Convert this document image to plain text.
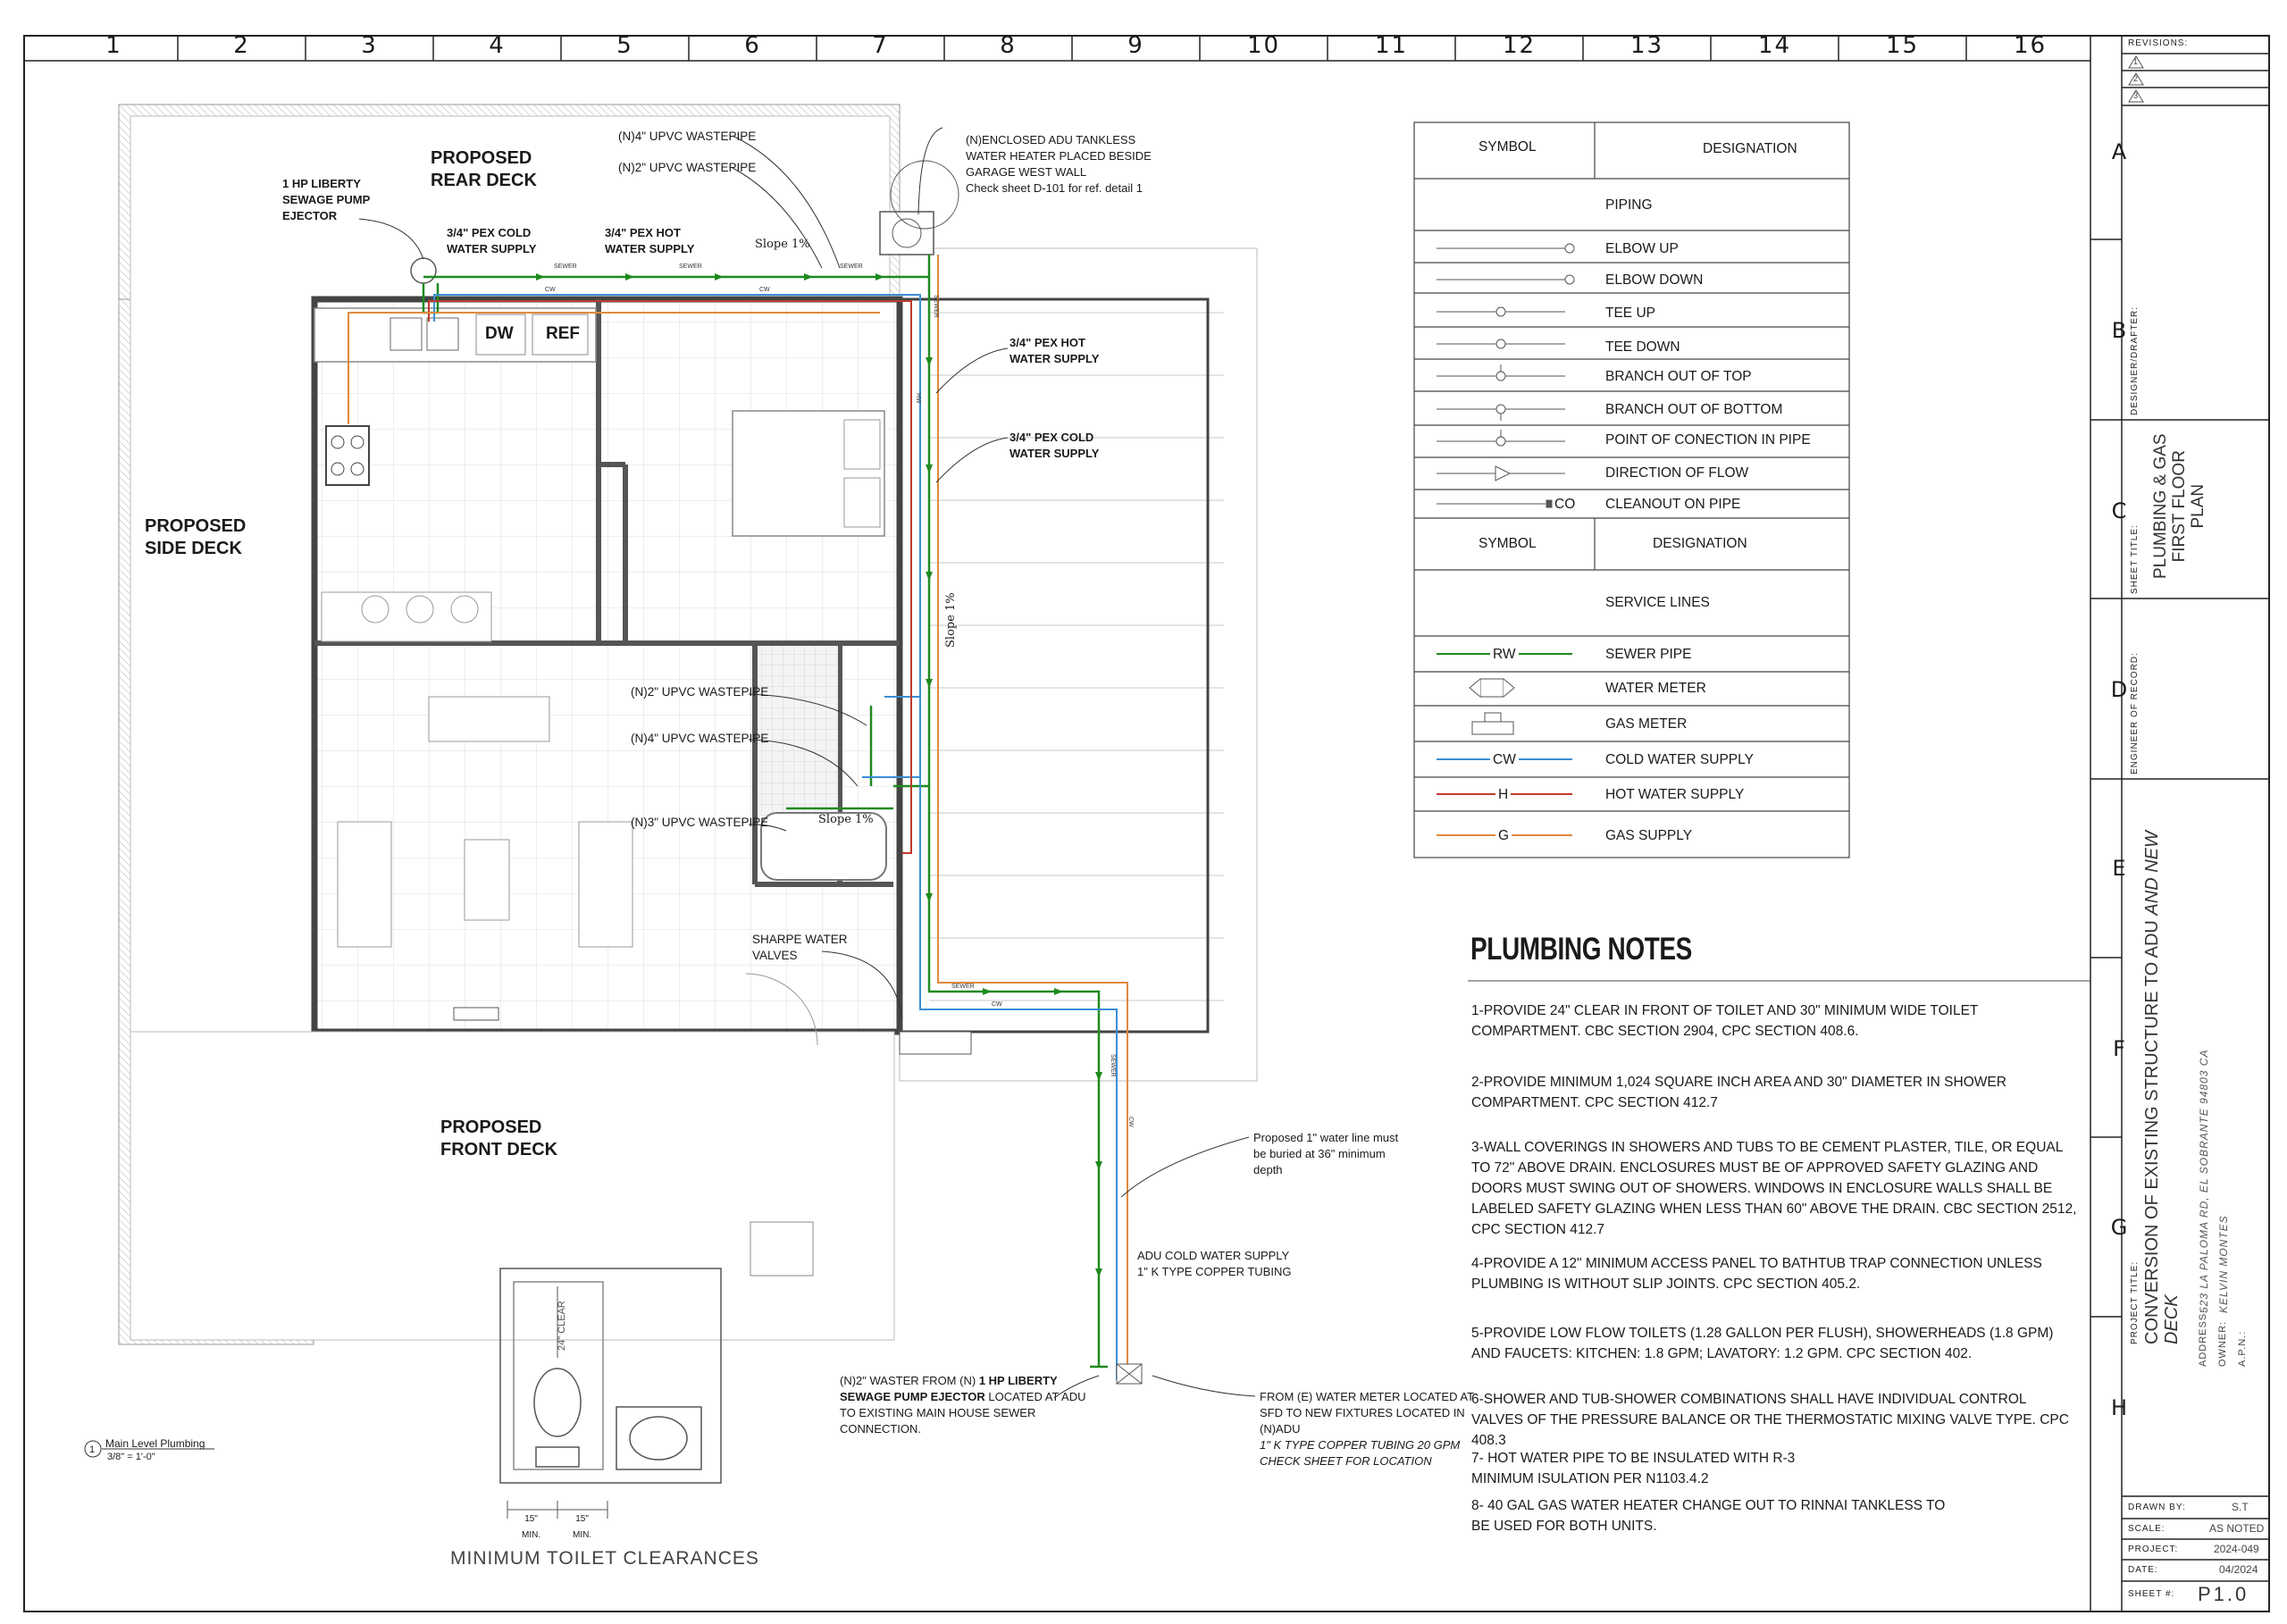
SEWER	SEWER	SEWER
CW	CW
SEWER
CW
SEWER
CW
SEWER
HW
1	2	3	4	5	6	7	8	9	10	11	12	13	14	15	16
A
B
C
D
E
F
G
H
PROPOSED
REAR DECK
PROPOSED
SIDE DECK
PROPOSED
FRONT DECK
DW REF
1 HP LIBERTY
SEWAGE PUMP
EJECTOR
3/4" PEX COLD
WATER SUPPLY
3/4" PEX HOT
WATER SUPPLY
(N)4" UPVC WASTEPIPE
(N)2" UPVC WASTEPIPE
Slope 1%
(N)ENCLOSED ADU TANKLESS
WATER HEATER PLACED BESIDE
GARAGE WEST WALL
Check sheet D-101 for ref. detail 1
3/4" PEX HOT
WATER SUPPLY
3/4" PEX COLD
WATER SUPPLY
Slope 1%
(N)2" UPVC WASTEPIPE
(N)4" UPVC WASTEPIPE
(N)3" UPVC WASTEPIPE	Slope 1%
SHARPE WATER
VALVES
Proposed 1" water line must
be buried at 36" minimum
depth
ADU COLD WATER SUPPLY
1" K TYPE COPPER TUBING
(N)2" WASTER FROM (N) 1 HP LIBERTY
SEWAGE PUMP EJECTOR LOCATED AT ADU
TO EXISTING MAIN HOUSE SEWER
CONNECTION.
FROM (E) WATER METER LOCATED AT
SFD TO NEW FIXTURES LOCATED IN
(N)ADU
1" K TYPE COPPER TUBING 20 GPM
CHECK SHEET FOR LOCATION
1 Main Level Plumbing
3/8" = 1'-0"
24" CLEAR
15"
MIN.
15"
MIN.
MINIMUM TOILET CLEARANCES
SYMBOL	DESIGNATION
PIPING
ELBOW UP
ELBOW DOWN
TEE UP
TEE DOWN
BRANCH OUT OF TOP
BRANCH OUT OF BOTTOM
POINT OF CONECTION IN PIPE
DIRECTION OF FLOW
CO CLEANOUT ON PIPE
SYMBOL	DESIGNATION
SERVICE LINES
RW	SEWER PIPE
WATER METER
GAS METER
CW	COLD WATER SUPPLY
H	HOT WATER SUPPLY
G	GAS SUPPLY
PLUMBING NOTES
1-PROVIDE 24" CLEAR IN FRONT OF TOILET AND 30" MINIMUM WIDE TOILET COMPARTMENT. CBC SECTION 2904, CPC SECTION 408.6.
2-PROVIDE MINIMUM 1,024 SQUARE INCH AREA AND 30" DIAMETER IN SHOWER COMPARTMENT. CPC SECTION 412.7
3-WALL COVERINGS IN SHOWERS AND TUBS TO BE CEMENT PLASTER, TILE, OR EQUAL TO 72" ABOVE DRAIN. ENCLOSURES MUST BE OF APPROVED SAFETY GLAZING AND DOORS MUST SWING OUT OF SHOWERS. WINDOWS IN ENCLOSURE WALLS SHALL BE LABELED SAFETY GLAZING WHEN LESS THAN 60" ABOVE THE DRAIN. CBC SECTION 2512, CPC SECTION 412.7
4-PROVIDE A 12" MINIMUM ACCESS PANEL TO BATHTUB TRAP CONNECTION UNLESS PLUMBING IS WITHOUT SLIP JOINTS. CPC SECTION 405.2.
5-PROVIDE LOW FLOW TOILETS (1.28 GALLON PER FLUSH), SHOWERHEADS (1.8 GPM) AND FAUCETS: KITCHEN: 1.8 GPM; LAVATORY: 1.2 GPM. CPC SECTION 402.
6-SHOWER AND TUB-SHOWER COMBINATIONS SHALL HAVE INDIVIDUAL CONTROL VALVES OF THE PRESSURE BALANCE OR THE THERMOSTATIC MIXING VALVE TYPE. CPC 408.3
7- HOT WATER PIPE TO BE INSULATED WITH R-3 MINIMUM ISULATION PER N1103.4.2
8- 40 GAL GAS WATER HEATER CHANGE OUT TO RINNAI TANKLESS TO BE USED FOR BOTH UNITS.
REVISIONS:
1
2
3
DESIGNER/DRAFTER:
SHEET TITLE: PLUMBING & GAS
FIRST FLOOR
PLAN
ENGINEER OF RECORD:
PROJECT TITLE: CONVERSION OF EXISTING STRUCTURE TO ADU AND NEW
DECK ADDRESS:
523 LA PALOMA RD, EL SOBRANTE 94803 CA
OWNER:
KELVIN MONTES
A.P.N.:
DRAWN BY:	S.T
SCALE:	AS NOTED
PROJECT:	2024-049
DATE:	04/2024
SHEET #: P1.0
